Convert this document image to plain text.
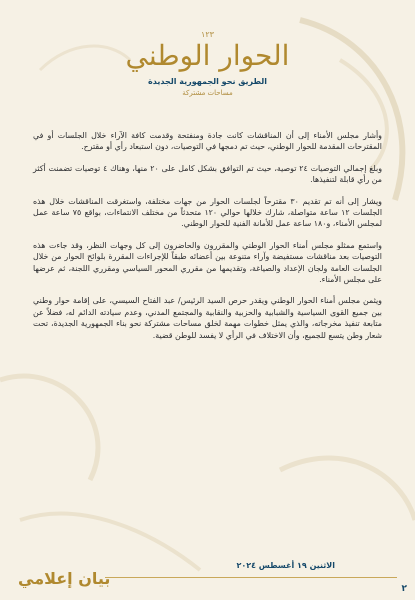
١٢٣
الحوار الوطني
الطريق نحو الجمهورية الجديدة
مساحات مشتركة

وأشار مجلس الأمناء إلى أن المناقشات كانت جادة ومنفتحة وقدمت كافة الآراء خلال الجلسات أو في المقترحات المقدمة للحوار الوطني، حيث تم دمجها في التوصيات، دون استبعاد رأي أو مقترح.

وبلغ إجمالي التوصيات ٢٤ توصية، حيث تم التوافق بشكل كامل على ٢٠ منها، وهناك ٤ توصيات تضمنت أكثر من رأي قابلة لتنفيذها.

ويشار إلى أنه تم تقديم ٣٠ مقترحاً لجلسات الحوار من جهات مختلفة، واستغرقت المناقشات خلال هذه الجلسات ١٢ ساعة متواصلة، شارك خلالها حوالي ١٢٠ متحدثاً من مختلف الانتماءات، بواقع ٧٥ ساعة عمل لمجلس الأمناء، و١٨٠ ساعة عمل للأمانة الفنية للحوار الوطني.

واستمع ممثلو مجلس أمناء الحوار الوطني والمقررون والحاضرون إلى كل وجهات النظر، وقد جاءت هذه التوصيات بعد مناقشات مستفيضة وآراء متنوعة بين أعضائه طبقاً للإجراءات المقررة بلوائح الحوار من خلال الجلسات العامة ولجان الإعداد والصياغة، وتقديمها من مقرري المحور السياسي ومقرري اللجنة، ثم عرضها على مجلس الأمناء.

ويثمن مجلس أمناء الحوار الوطني ويقدر حرص السيد الرئيس/ عبد الفتاح السيسي، على إقامة حوار وطني بين جميع القوى السياسية والشبابية والحزبية والنقابية والمجتمع المدني، وعدم سيادته الدائم له، فضلاً عن متابعة تنفيذ مخرجاته، والذي يمثل خطوات مهمة لخلق مساحات مشتركة نحو بناء الجمهورية الجديدة، تحت شعار وطن يتسع للجميع، وأن الاختلاف في الرأي لا يفسد للوطن قضية.

الاثنين ١٩ أغسطس ٢٠٢٤
بيان إعلامي
٢
